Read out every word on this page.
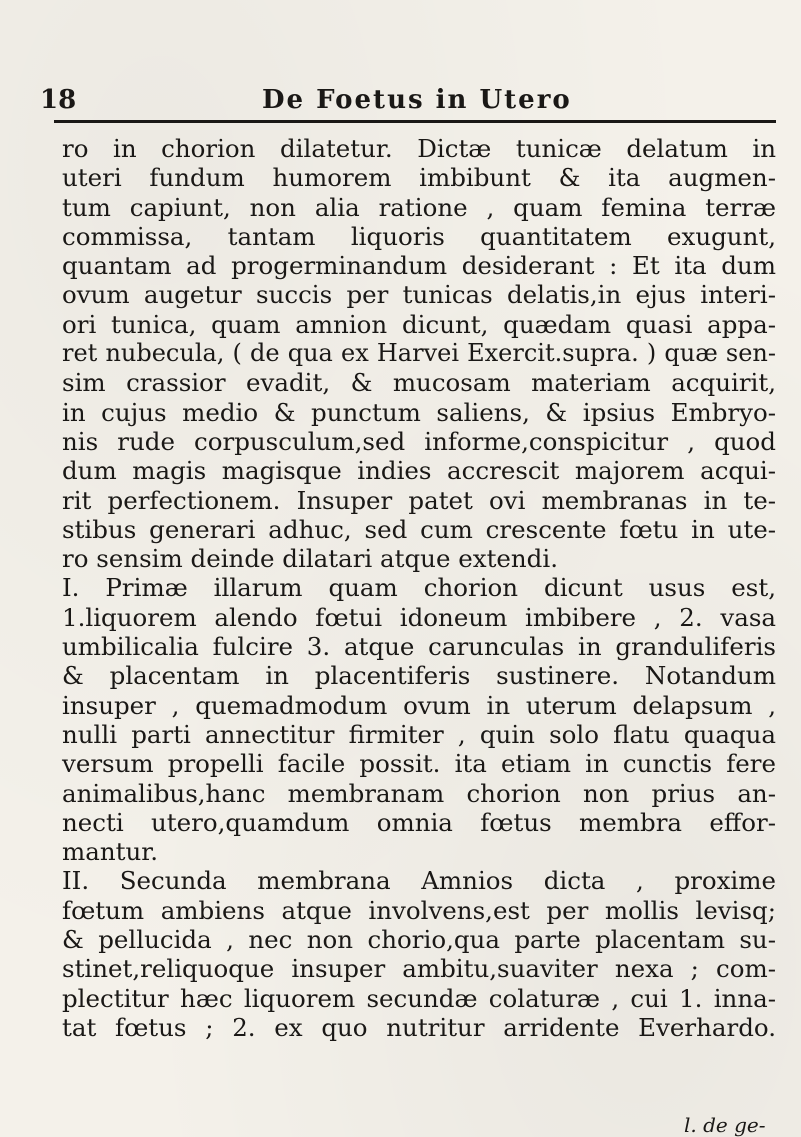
18	De Foetus in Utero
ro in chorion dilatetur. Dictæ tunicæ delatum in
uteri fundum humorem imbibunt & ita augmen-
tum capiunt, non alia ratione , quam femina terræ
commissa, tantam liquoris quantitatem exugunt,
quantam ad progerminandum desiderant : Et ita dum
ovum augetur succis per tunicas delatis,in ejus interi-
ori tunica, quam amnion dicunt, quædam quasi appa-
ret nubecula, ( de qua ex Harvei Exercit.supra. ) quæ sen-
sim crassior evadit, & mucosam materiam acquirit,
in cujus medio & punctum saliens, & ipsius Embryo-
nis rude corpusculum,sed informe,conspicitur , quod
dum magis magisque indies accrescit majorem acqui-
rit perfectionem. Insuper patet ovi membranas in te-
stibus generari adhuc, sed cum crescente fœtu in ute-
ro sensim deinde dilatari atque extendi.
I. Primæ illarum quam chorion dicunt usus est,
1.liquorem alendo fœtui idoneum imbibere , 2. vasa
umbilicalia fulcire 3. atque carunculas in granduliferis
& placentam in placentiferis sustinere. Notandum
insuper , quemadmodum ovum in uterum delapsum ,
nulli parti annectitur firmiter , quin solo flatu quaqua
versum propelli facile possit. ita etiam in cunctis fere
animalibus,hanc membranam chorion non prius an-
necti utero,quamdum omnia fœtus membra effor-
mantur.
II. Secunda membrana Amnios dicta , proxime
fœtum ambiens atque involvens,est per mollis levisq;
& pellucida , nec non chorio,qua parte placentam su-
stinet,reliquoque insuper ambitu,suaviter nexa ; com-
plectitur hæc liquorem secundæ colaturæ , cui 1. inna-
tat fœtus ; 2. ex quo nutritur arridente Everhardo.
l. de ge-
